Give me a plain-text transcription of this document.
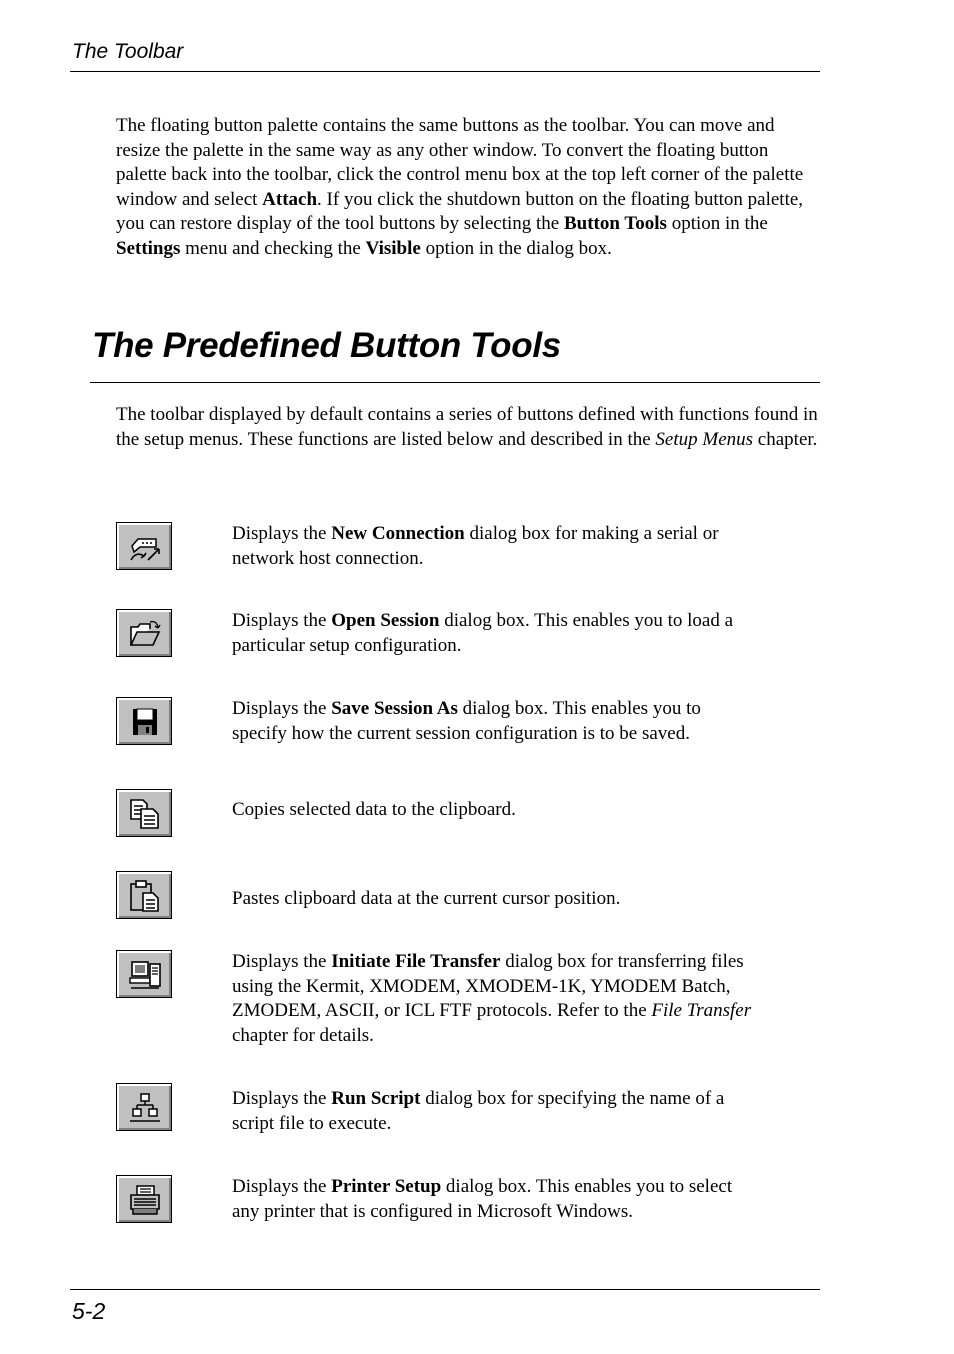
The Toolbar

The floating button palette contains the same buttons as the toolbar. You can move and resize the palette in the same way as any other window. To convert the floating button palette back into the toolbar, click the control menu box at the top left corner of the palette window and select Attach. If you click the shutdown button on the floating button palette, you can restore display of the tool buttons by selecting the Button Tools option in the Settings menu and checking the Visible option in the dialog box.

The Predefined Button Tools

The toolbar displayed by default contains a series of buttons defined with functions found in the setup menus. These functions are listed below and described in the Setup Menus chapter.

Displays the New Connection dialog box for making a serial or network host connection.

Displays the Open Session dialog box. This enables you to load a particular setup configuration.

Displays the Save Session As dialog box. This enables you to specify how the current session configuration is to be saved.

Copies selected data to the clipboard.

Pastes clipboard data at the current cursor position.

Displays the Initiate File Transfer dialog box for transferring files using the Kermit, XMODEM, XMODEM-1K, YMODEM Batch, ZMODEM, ASCII, or ICL FTF protocols. Refer to the File Transfer chapter for details.

Displays the Run Script dialog box for specifying the name of a script file to execute.

Displays the Printer Setup dialog box. This enables you to select any printer that is configured in Microsoft Windows.

5-2
